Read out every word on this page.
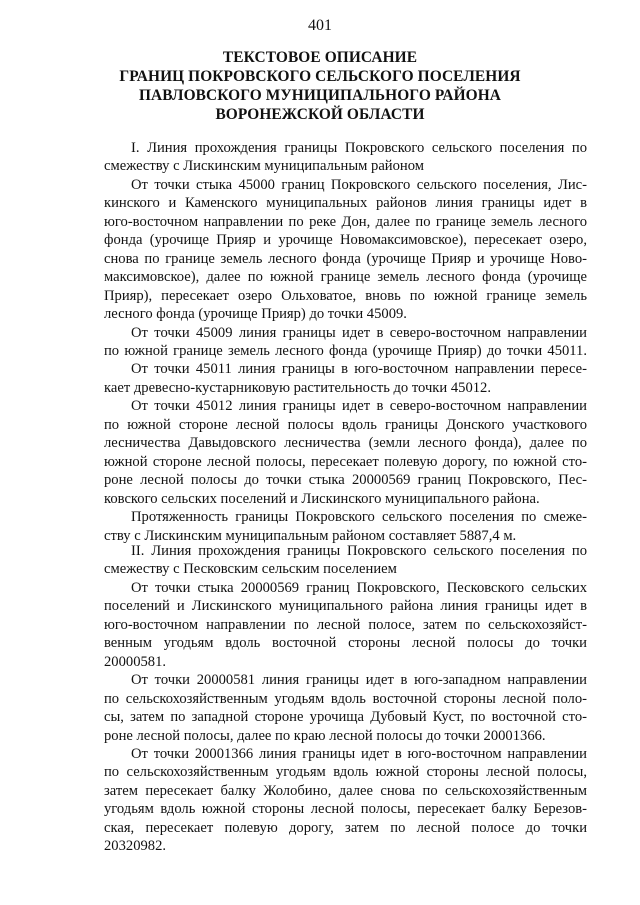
401
ТЕКСТОВОЕ ОПИСАНИЕ
ГРАНИЦ ПОКРОВСКОГО СЕЛЬСКОГО ПОСЕЛЕНИЯ
ПАВЛОВСКОГО МУНИЦИПАЛЬНОГО РАЙОНА
ВОРОНЕЖСКОЙ ОБЛАСТИ
I. Линия прохождения границы Покровского сельского поселения по
смежеству с Лискинским муниципальным районом
От точки стыка 45000 границ Покровского сельского поселения, Лис-
кинского и Каменского муниципальных районов линия границы идет в
юго-восточном направлении по реке Дон, далее по границе земель лесного
фонда (урочище Прияр и урочище Новомаксимовское), пересекает озеро,
снова по границе земель лесного фонда (урочище Прияр и урочище Ново-
максимовское), далее по южной границе земель лесного фонда (урочище
Прияр), пересекает озеро Ольховатое, вновь по южной границе земель
лесного фонда (урочище Прияр) до точки 45009.
От точки 45009 линия границы идет в северо-восточном направлении
по южной границе земель лесного фонда (урочище Прияр) до точки 45011.
От точки 45011 линия границы в юго-восточном направлении пересе-
кает древесно-кустарниковую растительность до точки 45012.
От точки 45012 линия границы идет в северо-восточном направлении
по южной стороне лесной полосы вдоль границы Донского участкового
лесничества Давыдовского лесничества (земли лесного фонда), далее по
южной стороне лесной полосы, пересекает полевую дорогу, по южной сто-
роне лесной полосы до точки стыка 20000569 границ Покровского, Пес-
ковского сельских поселений и Лискинского муниципального района.
Протяженность границы Покровского сельского поселения по смеже-
ству с Лискинским муниципальным районом составляет 5887,4 м.
II. Линия прохождения границы Покровского сельского поселения по
смежеству с Песковским сельским поселением
От точки стыка 20000569 границ Покровского, Песковского сельских
поселений и Лискинского муниципального района линия границы идет в
юго-восточном направлении по лесной полосе, затем по сельскохозяйст-
венным угодьям вдоль восточной стороны лесной полосы до точки
20000581.
От точки 20000581 линия границы идет в юго-западном направлении
по сельскохозяйственным угодьям вдоль восточной стороны лесной поло-
сы, затем по западной стороне урочища Дубовый Куст, по восточной сто-
роне лесной полосы, далее по краю лесной полосы до точки 20001366.
От точки 20001366 линия границы идет в юго-восточном направлении
по сельскохозяйственным угодьям вдоль южной стороны лесной полосы,
затем пересекает балку Жолобино, далее снова по сельскохозяйственным
угодьям вдоль южной стороны лесной полосы, пересекает балку Березов-
ская, пересекает полевую дорогу, затем по лесной полосе до точки
20320982.
